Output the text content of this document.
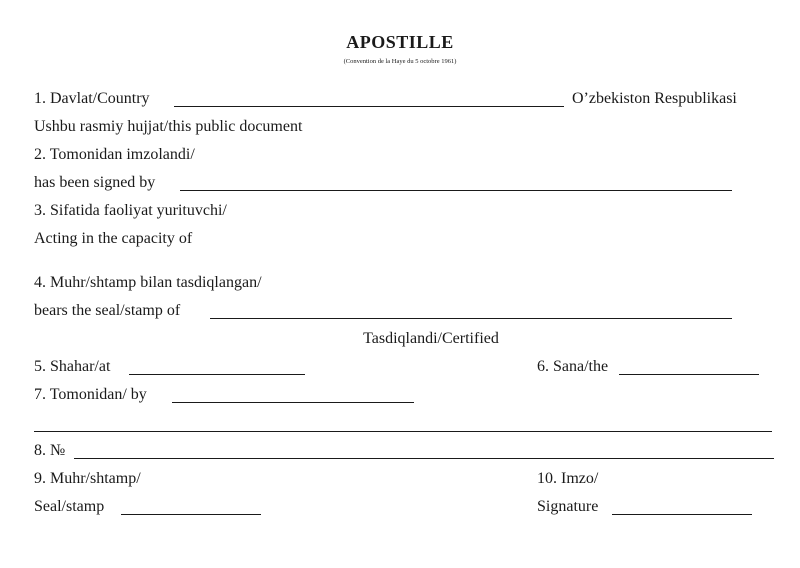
APOSTILLE
(Convention de la Haye du 5 octobre 1961)
1. Davlat/Country	O’zbekiston Respublikasi
Ushbu rasmiy hujjat/this public document
2. Tomonidan imzolandi/
has been signed by
3. Sifatida faoliyat yurituvchi/
Acting in the capacity of
4. Muhr/shtamp bilan tasdiqlangan/
bears the seal/stamp of
Tasdiqlandi/Certified
5. Shahar/at	6. Sana/the
7. Tomonidan/ by
8. №
9. Muhr/shtamp/	10. Imzo/
Seal/stamp	Signature
